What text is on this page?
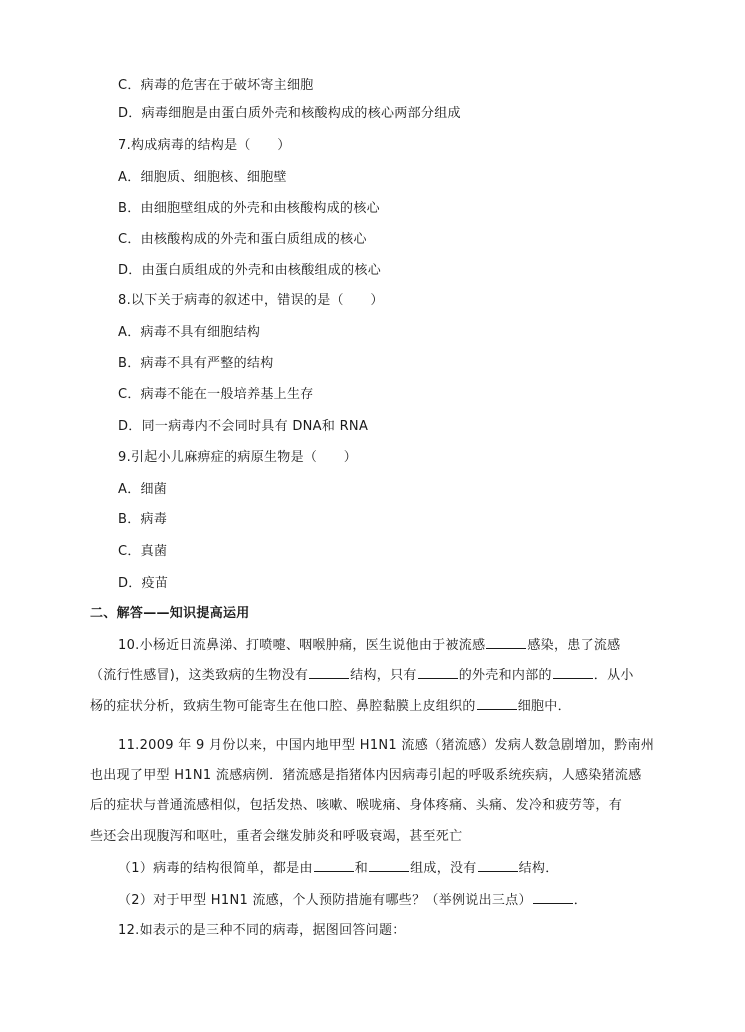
C．病毒的危害在于破坏寄主细胞
D．病毒细胞是由蛋白质外壳和核酸构成的核心两部分组成
7.构成病毒的结构是（　　）
A．细胞质、细胞核、细胞壁
B．由细胞壁组成的外壳和由核酸构成的核心
C．由核酸构成的外壳和蛋白质组成的核心
D．由蛋白质组成的外壳和由核酸组成的核心
8.以下关于病毒的叙述中，错误的是（　　）
A．病毒不具有细胞结构
B．病毒不具有严整的结构
C．病毒不能在一般培养基上生存
D．同一病毒内不会同时具有 DNA和 RNA
9.引起小儿麻痹症的病原生物是（　　）
A．细菌
B．病毒
C．真菌
D．疫苗
二、解答——知识提高运用
10.小杨近日流鼻涕、打喷嚏、咽喉肿痛，医生说他由于被流感	感染，患了流感
（流行性感冒)，这类致病的生物没有	结构，只有	的外壳和内部的	．从小
杨的症状分析，致病生物可能寄生在他口腔、鼻腔黏膜上皮组织的	细胞中．
11.2009 年 9 月份以来，中国内地甲型 H1N1 流感（猪流感）发病人数急剧增加，黔南州
也出现了甲型 H1N1 流感病例．猪流感是指猪体内因病毒引起的呼吸系统疾病，人感染猪流感
后的症状与普通流感相似，包括发热、咳嗽、喉咙痛、身体疼痛、头痛、发冷和疲劳等，有
些还会出现腹泻和呕吐，重者会继发肺炎和呼吸衰竭，甚至死亡
（1）病毒的结构很简单，都是由	和	组成，没有	结构．
（2）对于甲型 H1N1 流感，个人预防措施有哪些？（举例说出三点）	．
12.如表示的是三种不同的病毒，据图回答问题：
